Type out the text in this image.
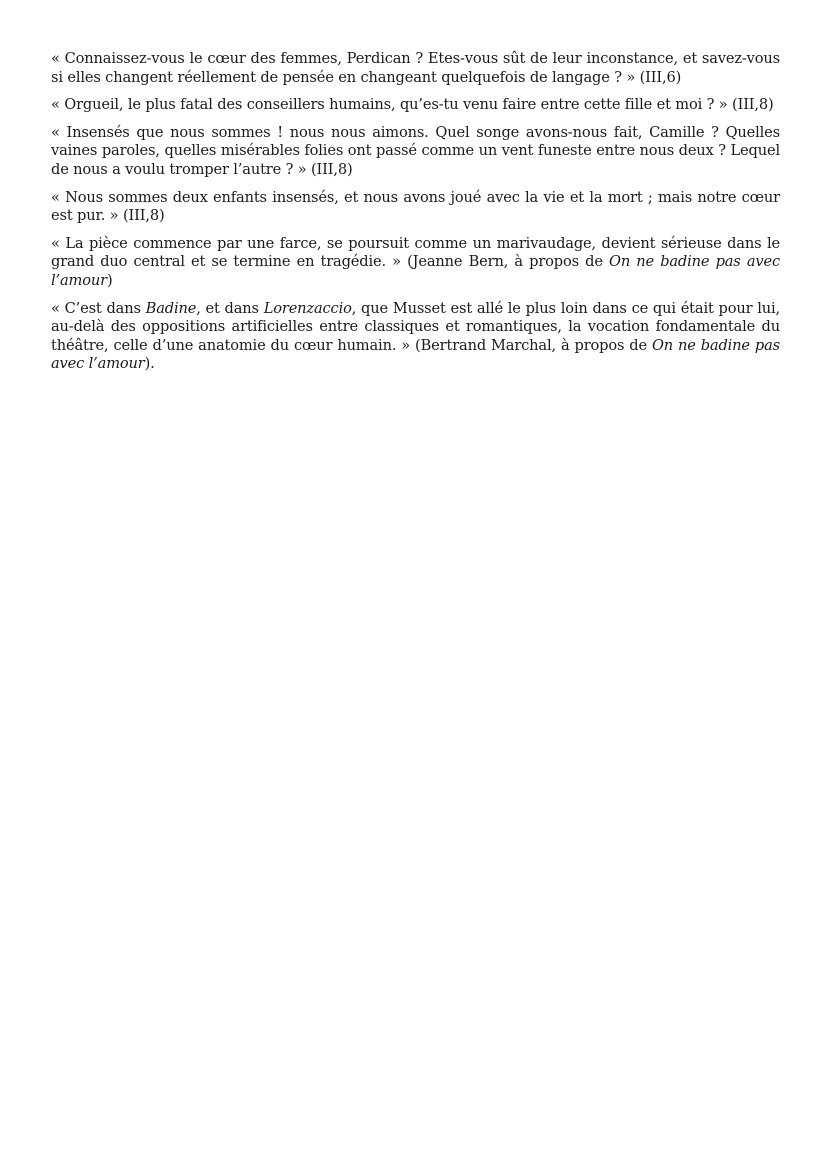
« Connaissez-vous le cœur des femmes, Perdican ? Etes-vous sût de leur inconstance, et savez-vous si elles changent réellement de pensée en changeant quelquefois de langage ? » (III,6)

« Orgueil, le plus fatal des conseillers humains, qu’es-tu venu faire entre cette fille et moi ? » (III,8)

« Insensés que nous sommes ! nous nous aimons. Quel songe avons-nous fait, Camille ? Quelles vaines paroles, quelles misérables folies ont passé comme un vent funeste entre nous deux ? Lequel de nous a voulu tromper l’autre ? » (III,8)

« Nous sommes deux enfants insensés, et nous avons joué avec la vie et la mort ; mais notre cœur est pur. » (III,8)

« La pièce commence par une farce, se poursuit comme un marivaudage, devient sérieuse dans le grand duo central et se termine en tragédie. » (Jeanne Bern, à propos de On ne badine pas avec l’amour)

« C’est dans Badine, et dans Lorenzaccio, que Musset est allé le plus loin dans ce qui était pour lui, au-delà des oppositions artificielles entre classiques et romantiques, la vocation fondamentale du théâtre, celle d’une anatomie du cœur humain. » (Bertrand Marchal, à propos de On ne badine pas avec l’amour).
